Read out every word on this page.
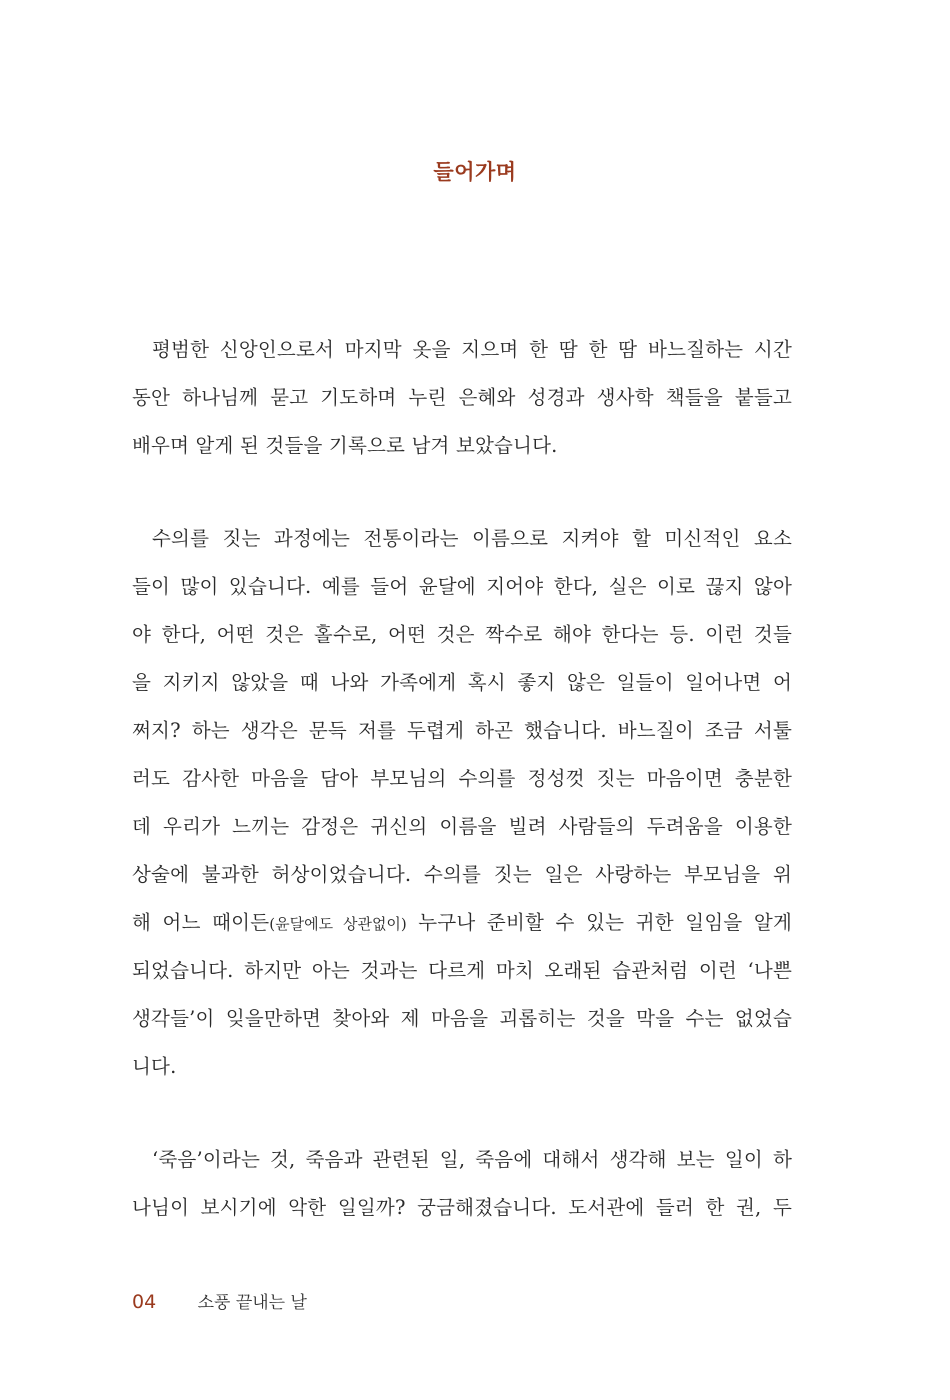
들어가며

평범한 신앙인으로서 마지막 옷을 지으며 한 땀 한 땀 바느질하는 시간
동안 하나님께 묻고 기도하며 누린 은혜와 성경과 생사학 책들을 붙들고
배우며 알게 된 것들을 기록으로 남겨 보았습니다.

수의를 짓는 과정에는 전통이라는 이름으로 지켜야 할 미신적인 요소
들이 많이 있습니다. 예를 들어 윤달에 지어야 한다, 실은 이로 끊지 않아
야 한다, 어떤 것은 홀수로, 어떤 것은 짝수로 해야 한다는 등. 이런 것들
을 지키지 않았을 때 나와 가족에게 혹시 좋지 않은 일들이 일어나면 어
쩌지? 하는 생각은 문득 저를 두렵게 하곤 했습니다. 바느질이 조금 서툴
러도 감사한 마음을 담아 부모님의 수의를 정성껏 짓는 마음이면 충분한
데 우리가 느끼는 감정은 귀신의 이름을 빌려 사람들의 두려움을 이용한
상술에 불과한 허상이었습니다. 수의를 짓는 일은 사랑하는 부모님을 위
해 어느 때이든(윤달에도 상관없이) 누구나 준비할 수 있는 귀한 일임을 알게
되었습니다. 하지만 아는 것과는 다르게 마치 오래된 습관처럼 이런 ‘나쁜
생각들’이 잊을만하면 찾아와 제 마음을 괴롭히는 것을 막을 수는 없었습
니다.

‘죽음’이라는 것, 죽음과 관련된 일, 죽음에 대해서 생각해 보는 일이 하
나님이 보시기에 악한 일일까? 궁금해졌습니다. 도서관에 들러 한 권, 두

04 소풍 끝내는 날
